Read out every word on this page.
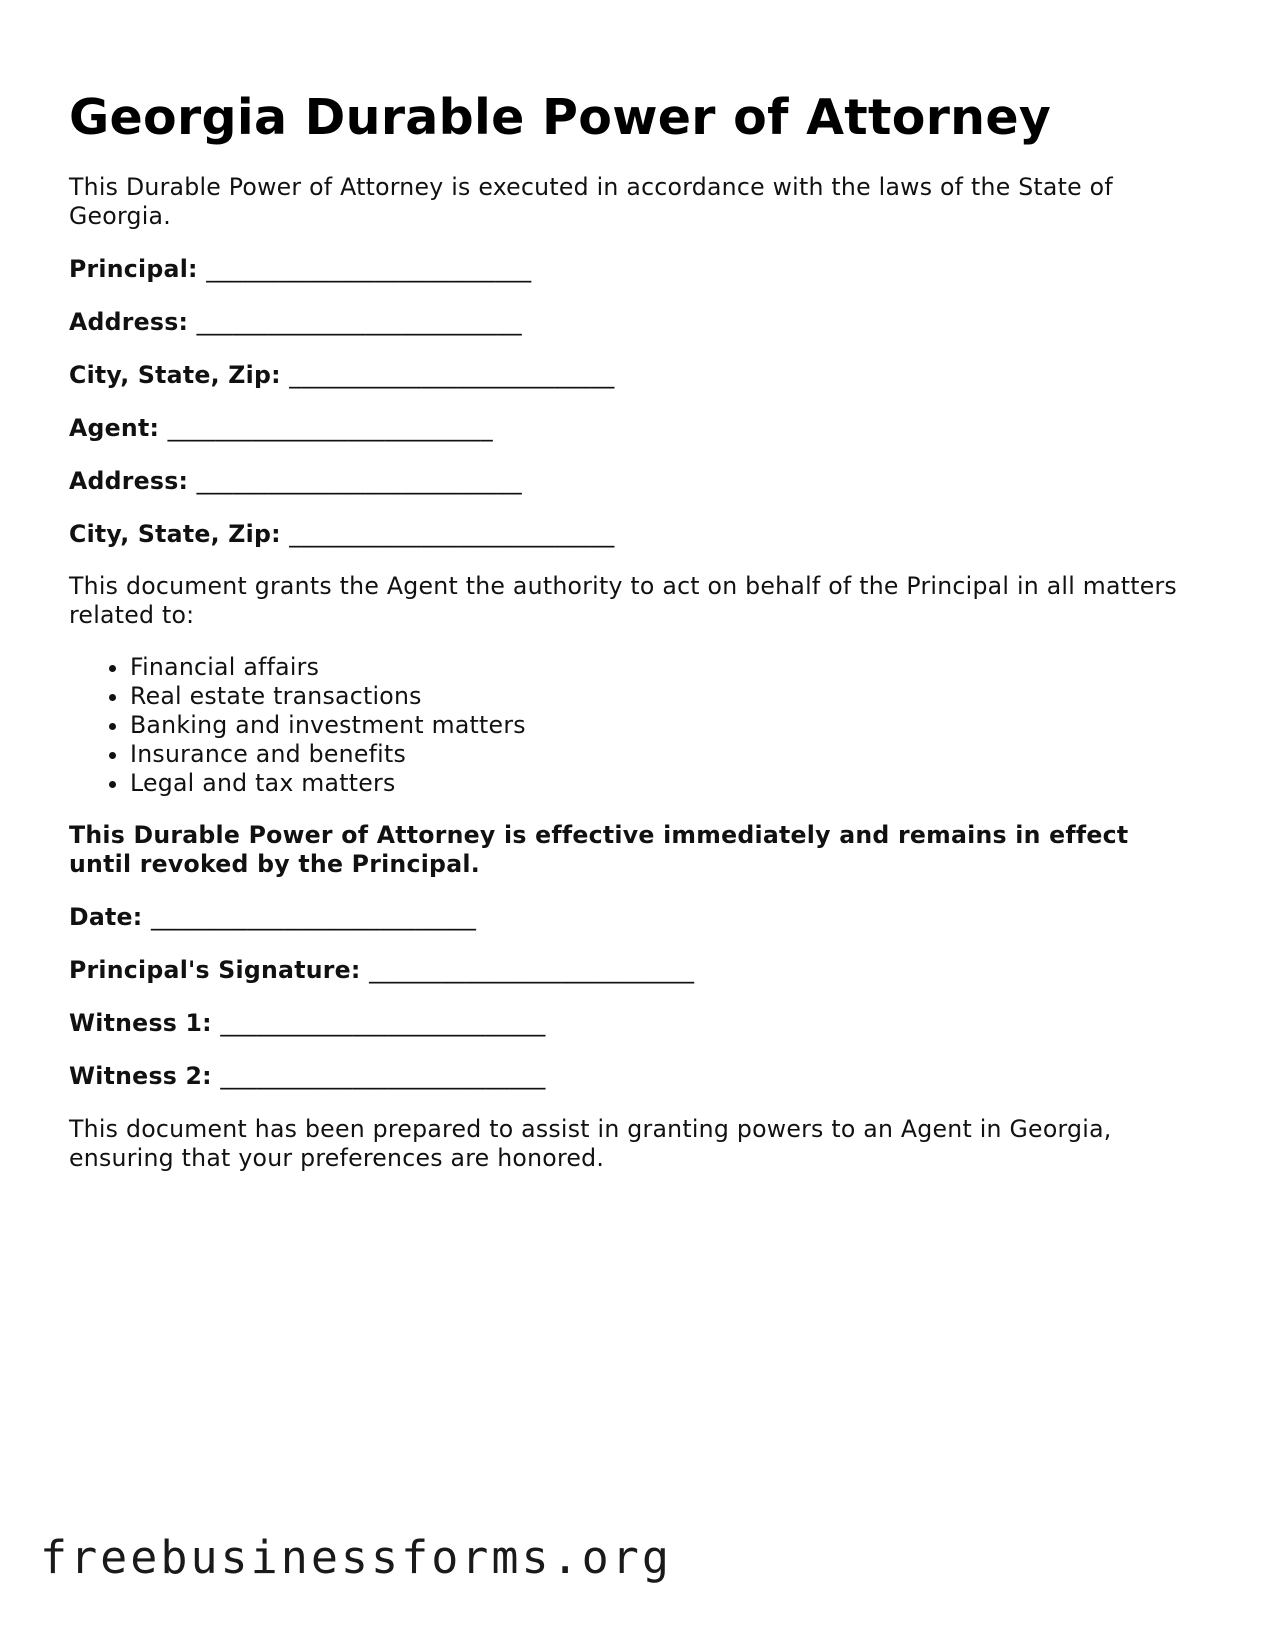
Georgia Durable Power of Attorney

This Durable Power of Attorney is executed in accordance with the laws of the State of Georgia.

Principal: ___________________________
Address: ___________________________
City, State, Zip: ___________________________
Agent: ___________________________
Address: ___________________________
City, State, Zip: ___________________________

This document grants the Agent the authority to act on behalf of the Principal in all matters related to:

• Financial affairs
• Real estate transactions
• Banking and investment matters
• Insurance and benefits
• Legal and tax matters

This Durable Power of Attorney is effective immediately and remains in effect until revoked by the Principal.

Date: ___________________________
Principal's Signature: ___________________________
Witness 1: ___________________________
Witness 2: ___________________________

This document has been prepared to assist in granting powers to an Agent in Georgia, ensuring that your preferences are honored.

freebusinessforms.org
